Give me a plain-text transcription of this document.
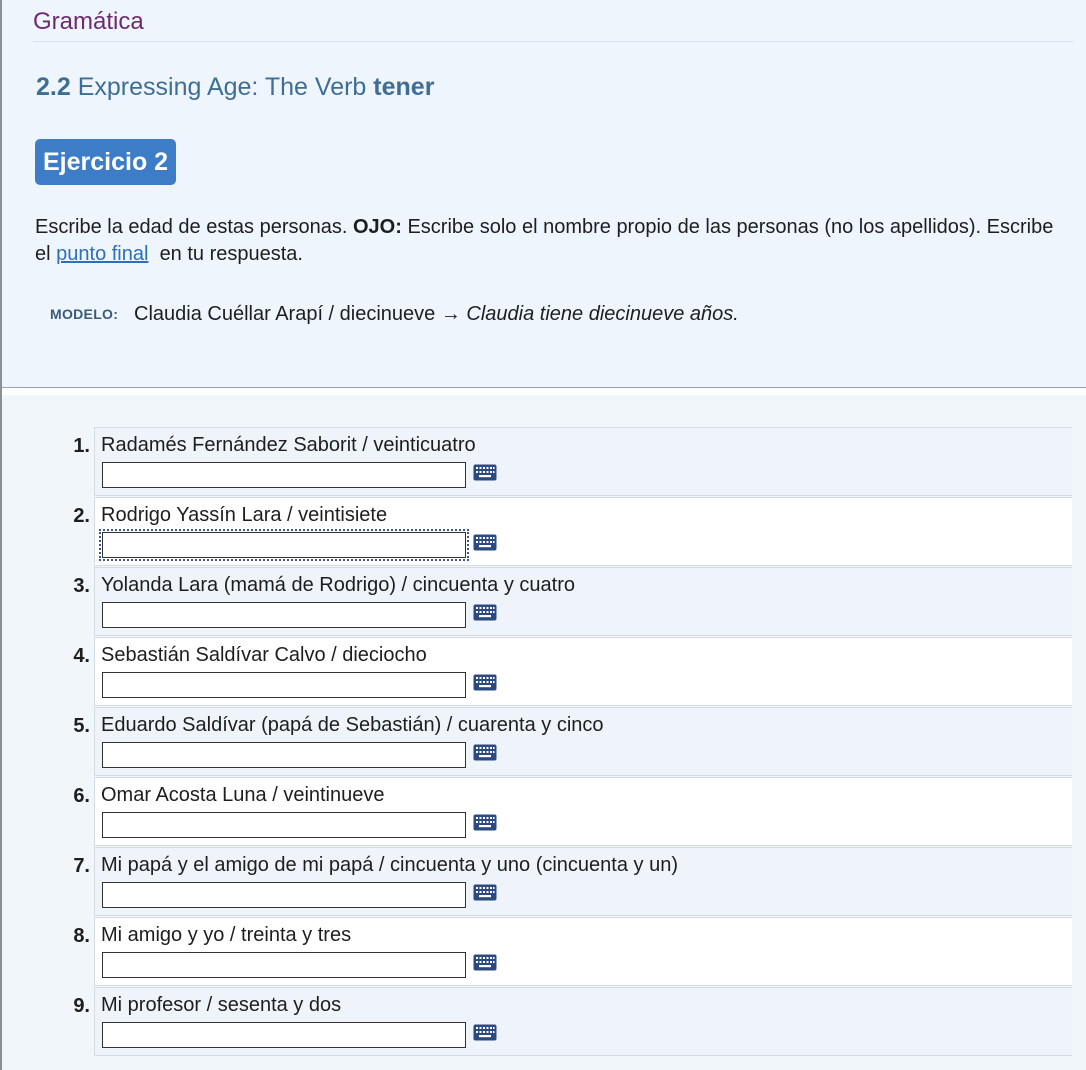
Gramática
2.2 Expressing Age: The Verb tener
Ejercicio 2
Escribe la edad de estas personas. OJO: Escribe solo el nombre propio de las personas (no los apellidos). Escribe el punto final en tu respuesta.
MODELO: Claudia Cuéllar Arapí / diecinueve → Claudia tiene diecinueve años.
1. Radamés Fernández Saborit / veinticuatro
2. Rodrigo Yassín Lara / veintisiete
3. Yolanda Lara (mamá de Rodrigo) / cincuenta y cuatro
4. Sebastián Saldívar Calvo / dieciocho
5. Eduardo Saldívar (papá de Sebastián) / cuarenta y cinco
6. Omar Acosta Luna / veintinueve
7. Mi papá y el amigo de mi papá / cincuenta y uno (cincuenta y un)
8. Mi amigo y yo / treinta y tres
9. Mi profesor / sesenta y dos
